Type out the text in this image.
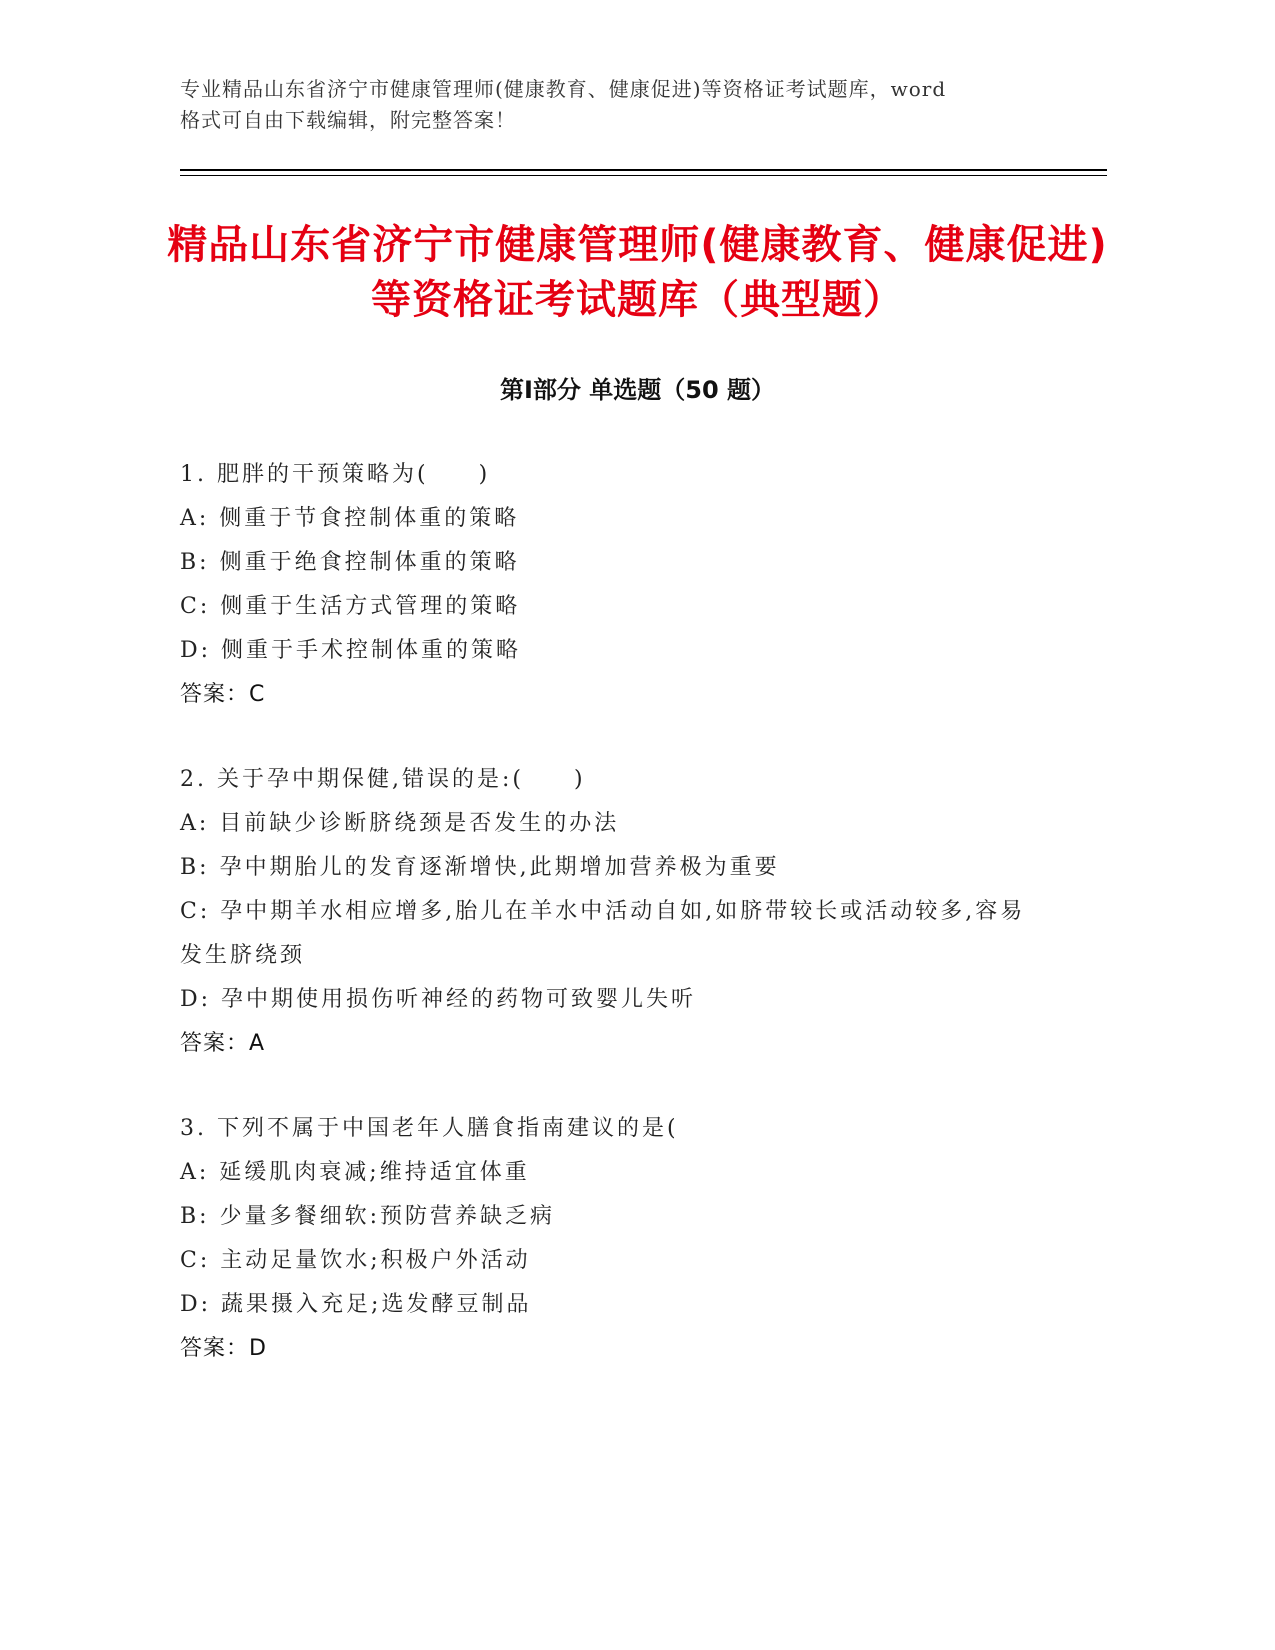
专业精品山东省济宁市健康管理师(健康教育、健康促进)等资格证考试题库，word

格式可自由下载编辑，附完整答案！

精品山东省济宁市健康管理师(健康教育、健康促进)等资格证考试题库（典型题）
第Ⅰ部分 单选题（50 题）

1. 肥胖的干预策略为(　　)

A: 侧重于节食控制体重的策略

B: 侧重于绝食控制体重的策略

C: 侧重于生活方式管理的策略

D: 侧重于手术控制体重的策略

答案：C

2. 关于孕中期保健,错误的是:(　　)

A: 目前缺少诊断脐绕颈是否发生的办法

B: 孕中期胎儿的发育逐渐增快,此期增加营养极为重要

C: 孕中期羊水相应增多,胎儿在羊水中活动自如,如脐带较长或活动较多,容易发生脐绕颈

D: 孕中期使用损伤听神经的药物可致婴儿失听

答案：A

3. 下列不属于中国老年人膳食指南建议的是(

A: 延缓肌肉衰减;维持适宜体重

B: 少量多餐细软:预防营养缺乏病

C: 主动足量饮水;积极户外活动

D: 蔬果摄入充足;选发酵豆制品

答案：D
